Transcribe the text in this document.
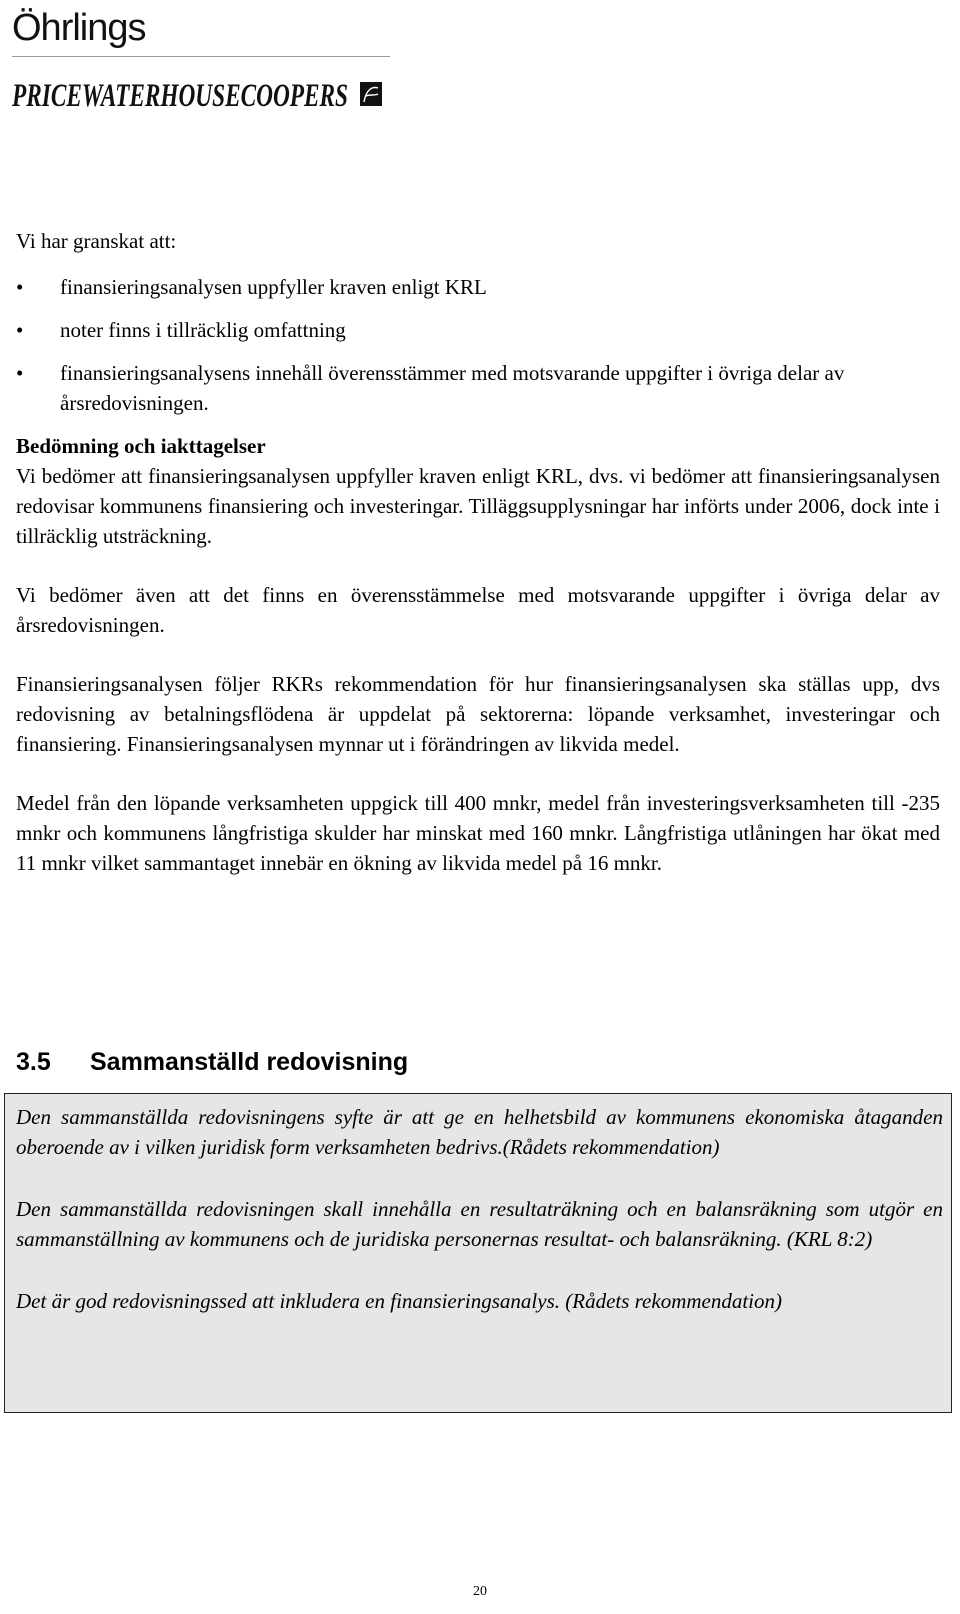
Öhrlings
PRICEWATERHOUSECOOPERS

Vi har granskat att:

• finansieringsanalysen uppfyller kraven enligt KRL
• noter finns i tillräcklig omfattning
• finansieringsanalysens innehåll överensstämmer med motsvarande uppgifter i övriga delar av årsredovisningen.

Bedömning och iakttagelser

Vi bedömer att finansieringsanalysen uppfyller kraven enligt KRL, dvs. vi bedömer att finansieringsanalysen redovisar kommunens finansiering och investeringar. Tilläggsupplysningar har införts under 2006, dock inte i tillräcklig utsträckning.

Vi bedömer även att det finns en överensstämmelse med motsvarande uppgifter i övriga delar av årsredovisningen.

Finansieringsanalysen följer RKRs rekommendation för hur finansieringsanalysen ska ställas upp, dvs redovisning av betalningsflödena är uppdelat på sektorerna: löpande verksamhet, investeringar och finansiering. Finansieringsanalysen mynnar ut i förändringen av likvida medel.

Medel från den löpande verksamheten uppgick till 400 mnkr, medel från investeringsverksamheten till -235 mnkr och kommunens långfristiga skulder har minskat med 160 mnkr. Långfristiga utlåningen har ökat med 11 mnkr vilket sammantaget innebär en ökning av likvida medel på 16 mnkr.

3.5 Sammanställd redovisning

Den sammanställda redovisningens syfte är att ge en helhetsbild av kommunens ekonomiska åtaganden oberoende av i vilken juridisk form verksamheten bedrivs.(Rådets rekommendation)

Den sammanställda redovisningen skall innehålla en resultaträkning och en balansräkning som utgör en sammanställning av kommunens och de juridiska personernas resultat- och balansräkning. (KRL 8:2)

Det är god redovisningssed att inkludera en finansieringsanalys. (Rådets rekommendation)

20
